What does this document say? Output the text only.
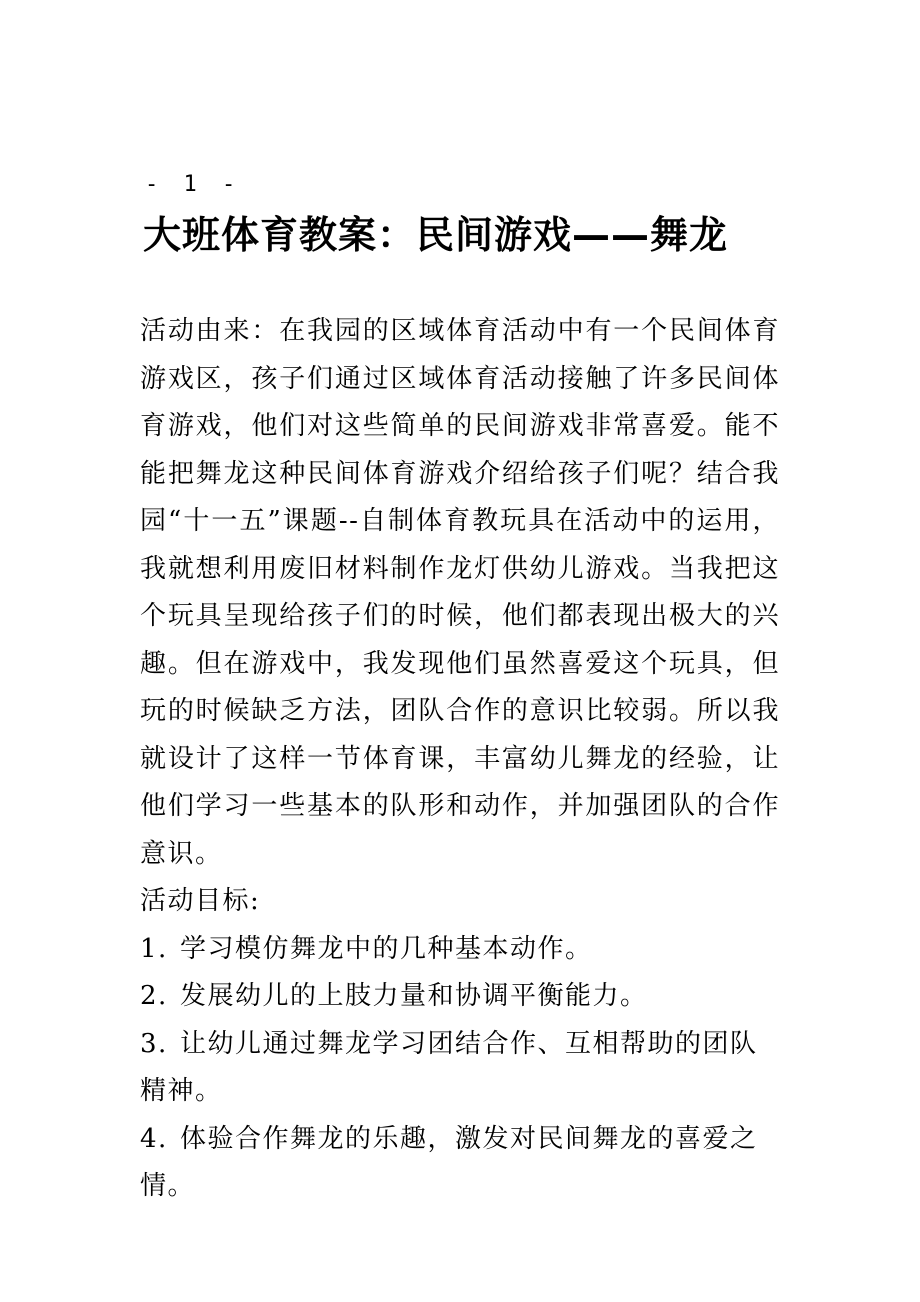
- 1 -
大班体育教案：民间游戏——舞龙

活动由来：在我园的区域体育活动中有一个民间体育游戏区，孩子们通过区域体育活动接触了许多民间体育游戏，他们对这些简单的民间游戏非常喜爱。能不能把舞龙这种民间体育游戏介绍给孩子们呢？结合我园“十一五”课题--自制体育教玩具在活动中的运用，我就想利用废旧材料制作龙灯供幼儿游戏。当我把这个玩具呈现给孩子们的时候，他们都表现出极大的兴趣。但在游戏中，我发现他们虽然喜爱这个玩具，但玩的时候缺乏方法，团队合作的意识比较弱。所以我就设计了这样一节体育课，丰富幼儿舞龙的经验，让他们学习一些基本的队形和动作，并加强团队的合作意识。

活动目标:

1. 学习模仿舞龙中的几种基本动作。

2. 发展幼儿的上肢力量和协调平衡能力。

3. 让幼儿通过舞龙学习团结合作、互相帮助的团队精神。

4. 体验合作舞龙的乐趣，激发对民间舞龙的喜爱之情。
